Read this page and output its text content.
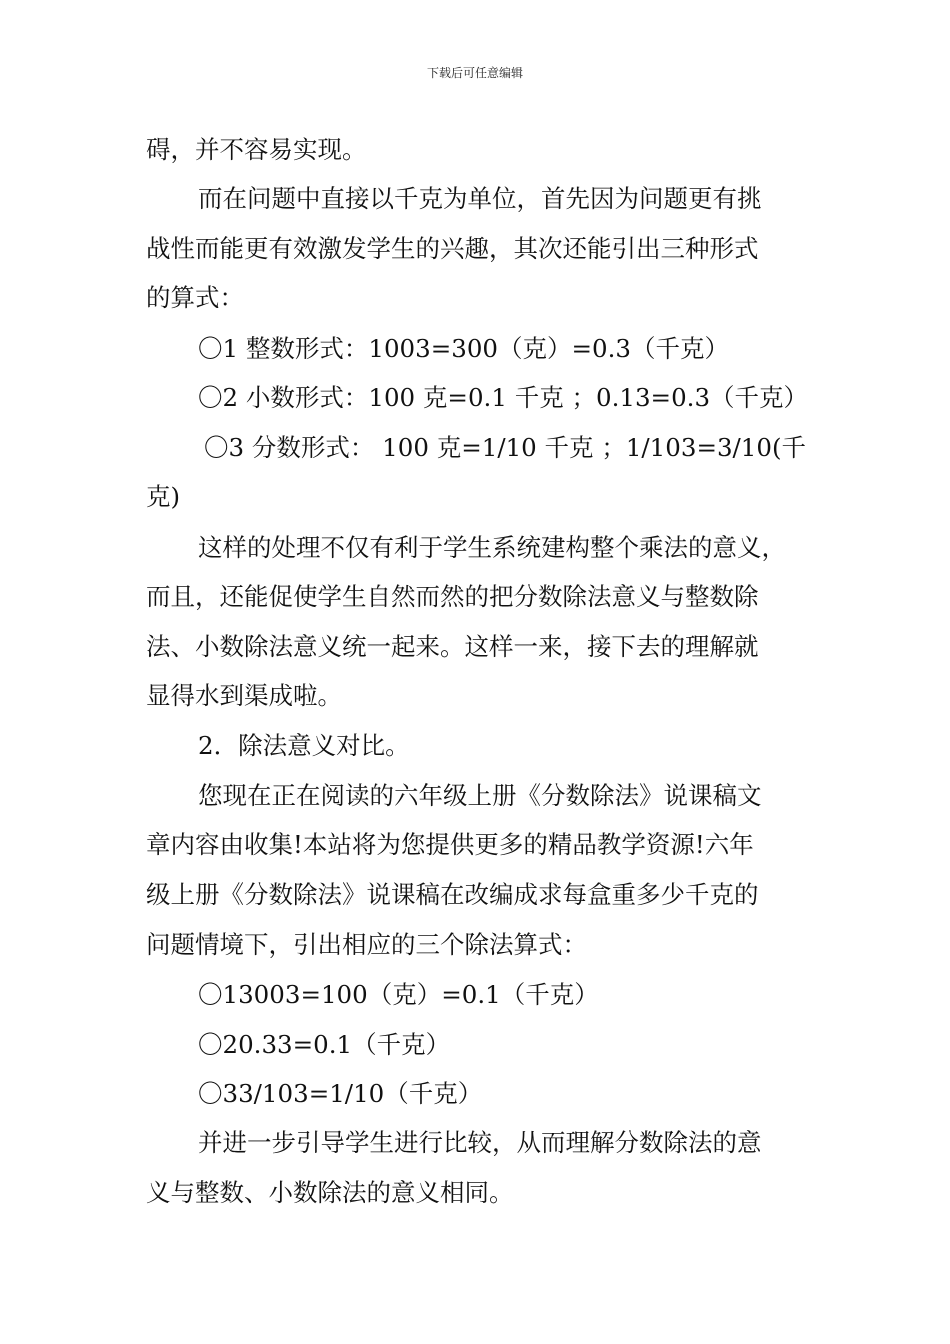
下载后可任意编辑
碍，并不容易实现。
而在问题中直接以千克为单位，首先因为问题更有挑
战性而能更有效激发学生的兴趣，其次还能引出三种形式
的算式：
〇1 整数形式：1003=300（克）=0.3（千克）
〇2 小数形式：100 克=0.1 千克 ；0.13=0.3（千克）
〇3 分数形式： 100 克=1/10 千克 ；1/103=3/10(千
克)
这样的处理不仅有利于学生系统建构整个乘法的意义，
而且，还能促使学生自然而然的把分数除法意义与整数除
法、小数除法意义统一起来。这样一来，接下去的理解就
显得水到渠成啦。
2．除法意义对比。
您现在正在阅读的六年级上册《分数除法》说课稿文
章内容由收集!本站将为您提供更多的精品教学资源!六年
级上册《分数除法》说课稿在改编成求每盒重多少千克的
问题情境下，引出相应的三个除法算式：
〇13003=100（克）=0.1（千克）
〇20.33=0.1（千克）
〇33/103=1/10（千克）
并进一步引导学生进行比较，从而理解分数除法的意
义与整数、小数除法的意义相同。
